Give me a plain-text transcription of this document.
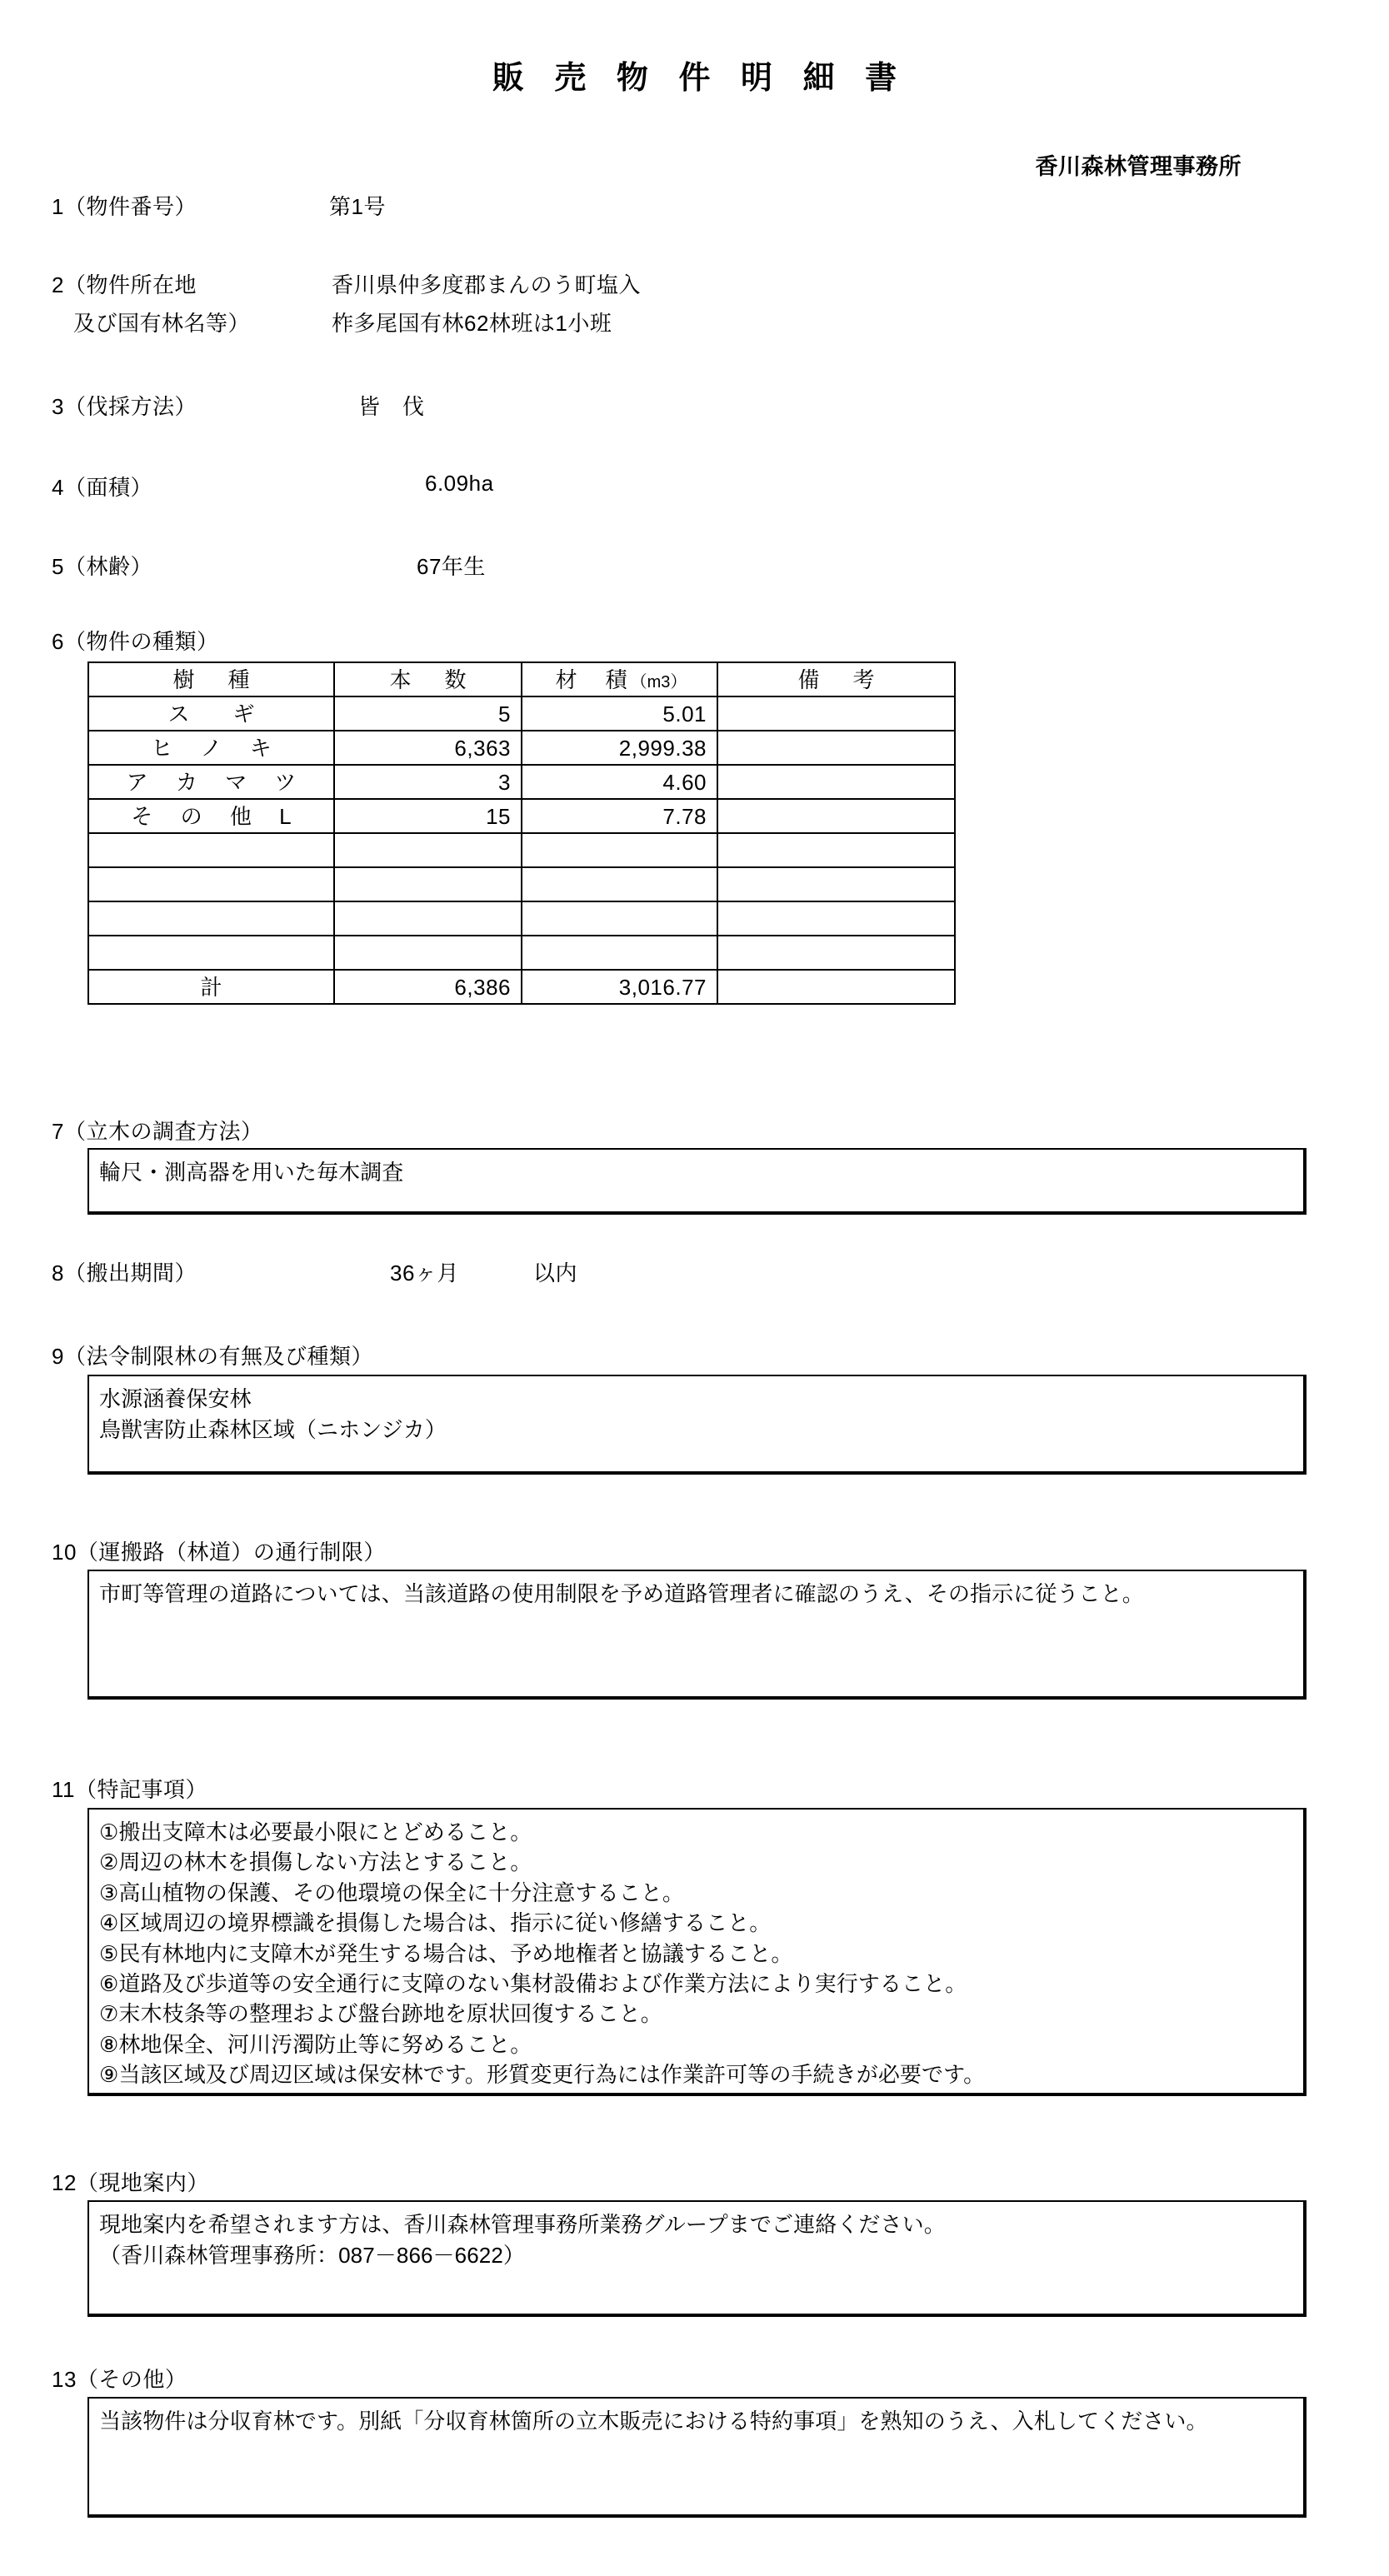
販 売 物 件 明 細 書
香川森林管理事務所
1（物件番号）	第1号
2（物件所在地
及び国有林名等）
香川県仲多度郡まんのう町塩入
柞多尾国有林62林班は1小班
3（伐採方法）	皆　伐
4（面積）	6.09ha
5（林齢）	67年生
6（物件の種類）
樹　種	本　数	材　積（m3）	備　考
ス　ギ	5	5.01	
ヒ ノ キ	6,363	2,999.38	
ア カ マ ツ	3	4.60	
そ の 他 L	15	7.78	

計	6,386	3,016.77	
7（立木の調査方法）
輪尺・測高器を用いた毎木調査
8（搬出期間）	36ヶ月	以内
9（法令制限林の有無及び種類）
水源涵養保安林
鳥獣害防止森林区域（ニホンジカ）
10（運搬路（林道）の通行制限）
市町等管理の道路については、当該道路の使用制限を予め道路管理者に確認のうえ、その指示に従うこと。
11（特記事項）
①搬出支障木は必要最小限にとどめること。
②周辺の林木を損傷しない方法とすること。
③高山植物の保護、その他環境の保全に十分注意すること。
④区域周辺の境界標識を損傷した場合は、指示に従い修繕すること。
⑤民有林地内に支障木が発生する場合は、予め地権者と協議すること。
⑥道路及び歩道等の安全通行に支障のない集材設備および作業方法により実行すること。
⑦末木枝条等の整理および盤台跡地を原状回復すること。
⑧林地保全、河川汚濁防止等に努めること。
⑨当該区域及び周辺区域は保安林です。形質変更行為には作業許可等の手続きが必要です。
12（現地案内）
現地案内を希望されます方は、香川森林管理事務所業務グループまでご連絡ください。
（香川森林管理事務所：087－866－6622）
13（その他）
当該物件は分収育林です。別紙「分収育林箇所の立木販売における特約事項」を熟知のうえ、入札してください。
